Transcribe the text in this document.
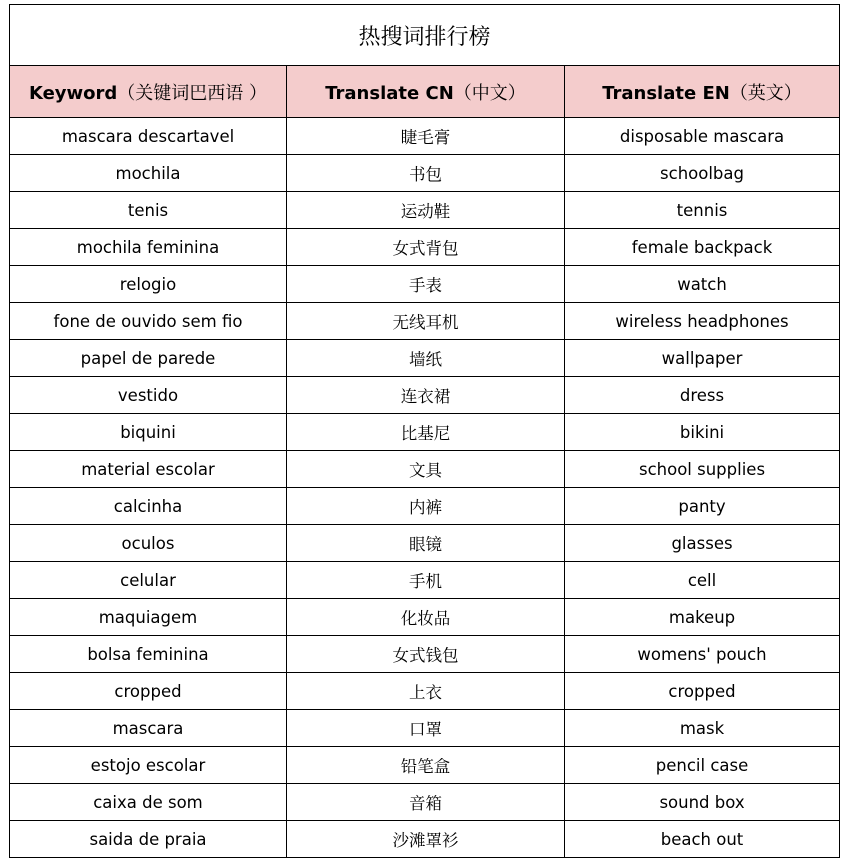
热搜词排行榜		
Keyword（关键词巴西语 ）	Translate CN（中文）	Translate EN（英文）
mascara descartavel	睫毛膏	disposable mascara
mochila	书包	schoolbag
tenis	运动鞋	tennis
mochila feminina	女式背包	female backpack
relogio	手表	watch
fone de ouvido sem fio	无线耳机	wireless headphones
papel de parede	墙纸	wallpaper
vestido	连衣裙	dress
biquini	比基尼	bikini
material escolar	文具	school supplies
calcinha	内裤	panty
oculos	眼镜	glasses
celular	手机	cell
maquiagem	化妆品	makeup
bolsa feminina	女式钱包	womens' pouch
cropped	上衣	cropped
mascara	口罩	mask
estojo escolar	铅笔盒	pencil case
caixa de som	音箱	sound box
saida de praia	沙滩罩衫	beach out
